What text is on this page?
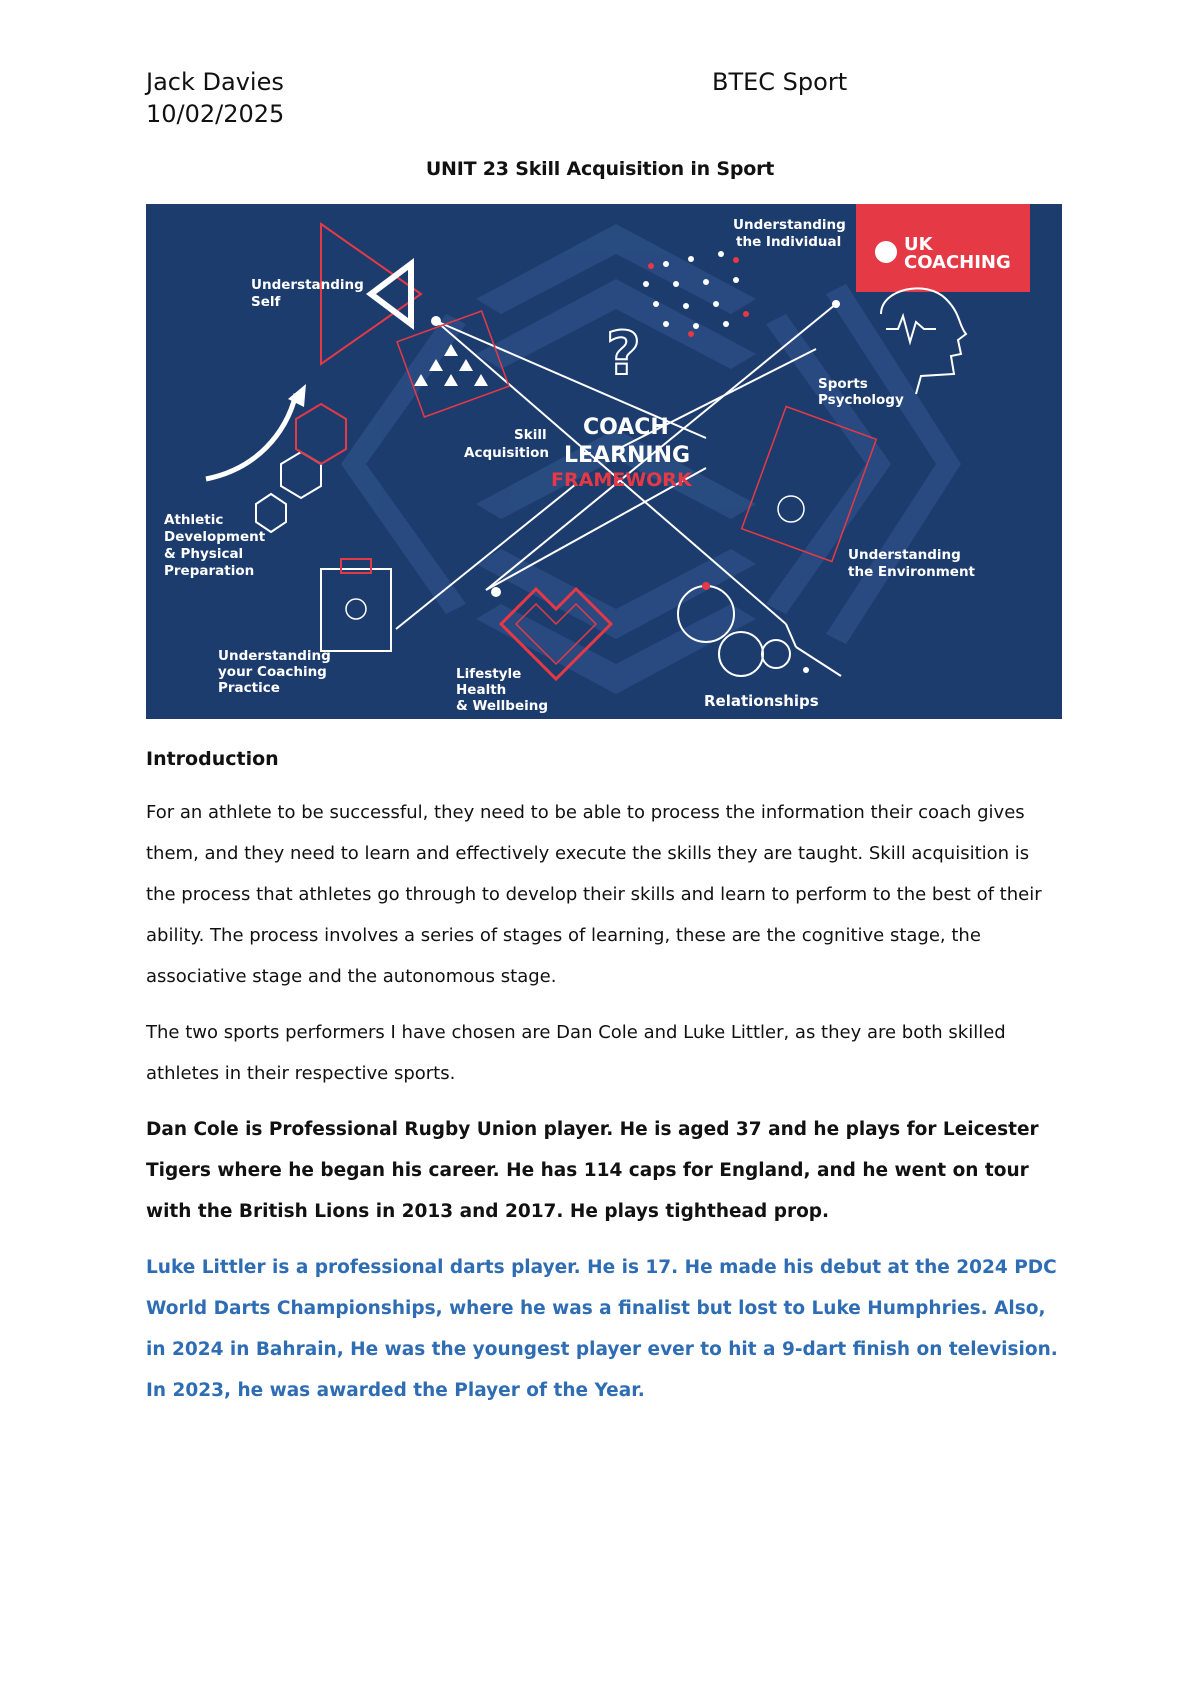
Jack Davies	BTEC Sport
10/02/2025
UNIT 23 Skill Acquisition in Sport
UK
COACHING
?
COACH
LEARNING
FRAMEWORK
Understanding
Self
Understanding
the Individual
Sports
Psychology
Skill
Acquisition
Athletic
Development
& Physical
Preparation
Understanding
the Environment
Understanding
your Coaching
Practice
Lifestyle
Health
& Wellbeing	Relationships

Introduction

For an athlete to be successful, they need to be able to process the information their coach gives them, and they need to learn and effectively execute the skills they are taught. Skill acquisition is the process that athletes go through to develop their skills and learn to perform to the best of their ability. The process involves a series of stages of learning, these are the cognitive stage, the associative stage and the autonomous stage.

The two sports performers I have chosen are Dan Cole and Luke Littler, as they are both skilled athletes in their respective sports.

Dan Cole is Professional Rugby Union player. He is aged 37 and he plays for Leicester Tigers where he began his career. He has 114 caps for England, and he went on tour with the British Lions in 2013 and 2017. He plays tighthead prop.

Luke Littler is a professional darts player. He is 17. He made his debut at the 2024 PDC World Darts Championships, where he was a finalist but lost to Luke Humphries. Also, in 2024 in Bahrain, He was the youngest player ever to hit a 9-dart finish on television. In 2023, he was awarded the Player of the Year.
